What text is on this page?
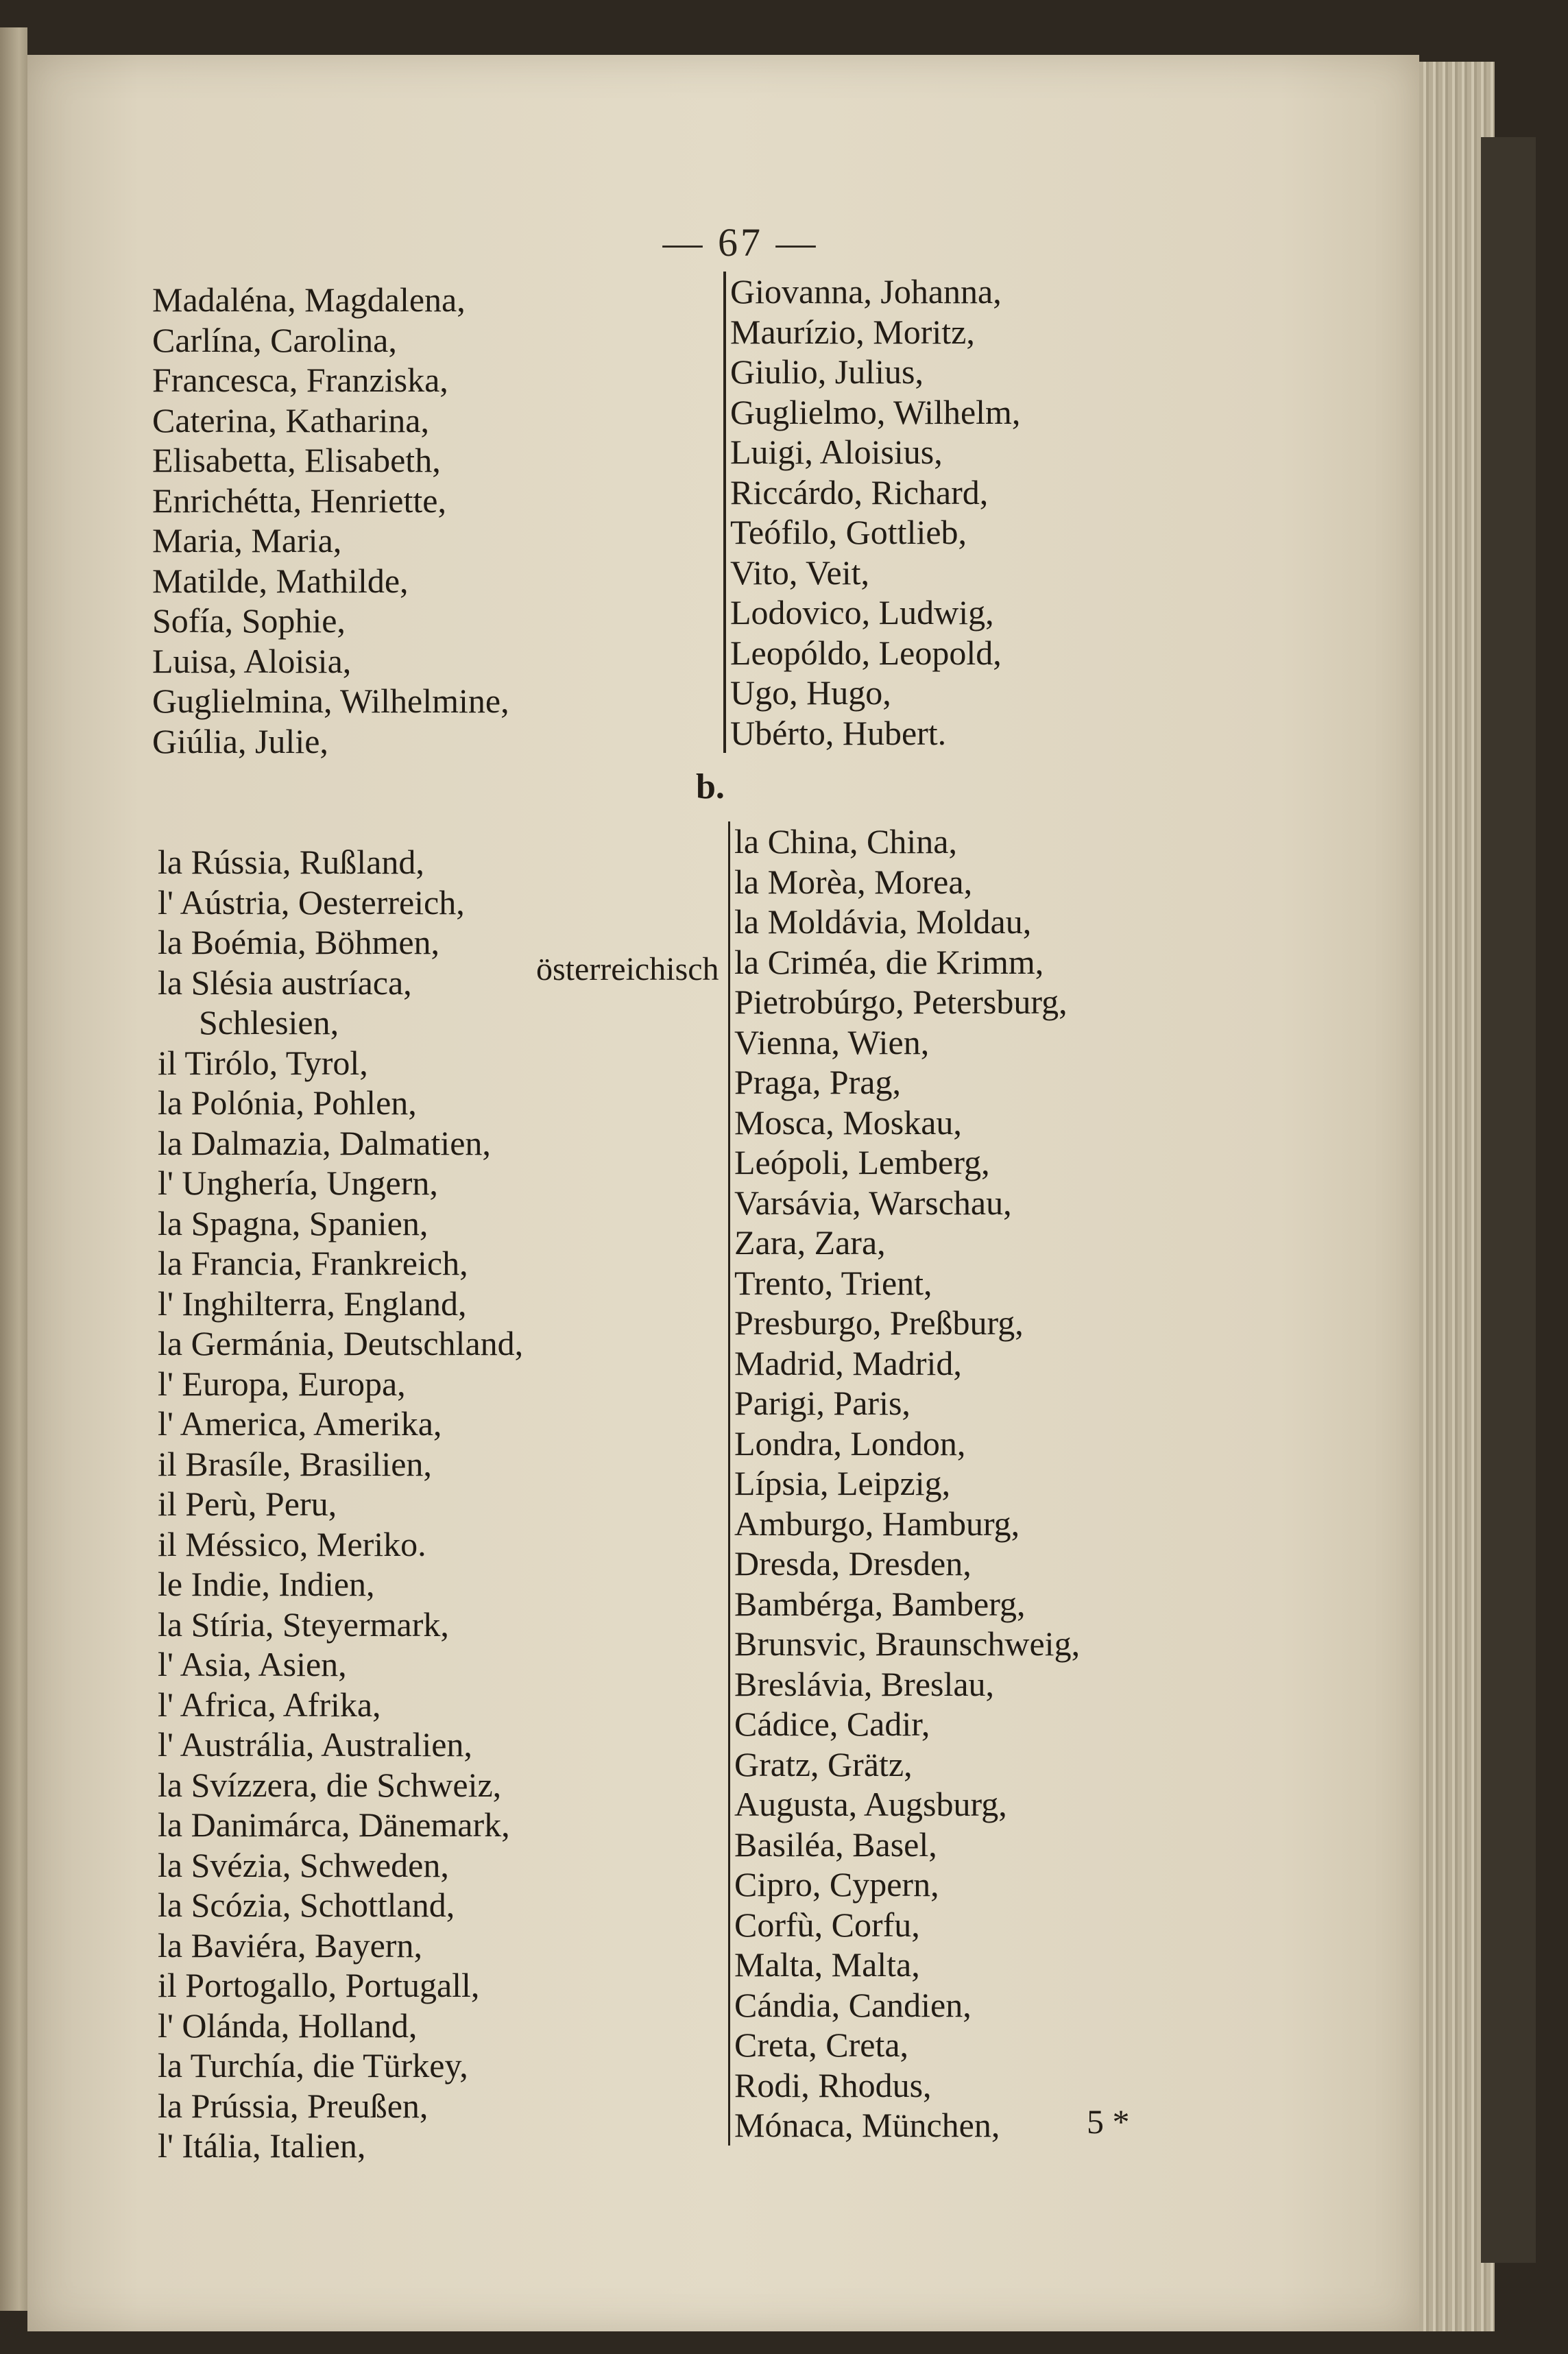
— 67 —
Madaléna, Magdalena,
Carlína, Carolina,
Francesca, Franziska,
Caterina, Katharina,
Elisabetta, Elisabeth,
Enrichétta, Henriette,
Maria, Maria,
Matilde, Mathilde,
Sofía, Sophie,
Luisa, Aloisia,
Guglielmina, Wilhelmine,
Giúlia, Julie,
Giovanna, Johanna,
Maurízio, Moritz,
Giulio, Julius,
Guglielmo, Wilhelm,
Luigi, Aloisius,
Riccárdo, Richard,
Teófilo, Gottlieb,
Vito, Veit,
Lodovico, Ludwig,
Leopóldo, Leopold,
Ugo, Hugo,
Ubérto, Hubert.
b.
la Rússia, Rußland,
l' Aústria, Oesterreich,
la Boémia, Böhmen,
la Slésia austríaca,
Schlesien,
il Tirólo, Tyrol,
la Polónia, Pohlen,
la Dalmazia, Dalmatien,
l' Unghería, Ungern,
la Spagna, Spanien,
la Francia, Frankreich,
l' Inghilterra, England,
la Germánia, Deutschland,
l' Europa, Europa,
l' America, Amerika,
il Brasíle, Brasilien,
il Perù, Peru,
il Méssico, Meriko.
le Indie, Indien,
la Stíria, Steyermark,
l' Asia, Asien,
l' Africa, Afrika,
l' Austrália, Australien,
la Svízzera, die Schweiz,
la Danimárca, Dänemark,
la Svézia, Schweden,
la Scózia, Schottland,
la Baviéra, Bayern,
il Portogallo, Portugall,
l' Olánda, Holland,
la Turchía, die Türkey,
la Prússia, Preußen,
l' Itália, Italien,
österreichisch
la China, China,
la Morèa, Morea,
la Moldávia, Moldau,
la Criméa, die Krimm,
Pietrobúrgo, Petersburg,
Vienna, Wien,
Praga, Prag,
Mosca, Moskau,
Leópoli, Lemberg,
Varsávia, Warschau,
Zara, Zara,
Trento, Trient,
Presburgo, Preßburg,
Madrid, Madrid,
Parigi, Paris,
Londra, London,
Lípsia, Leipzig,
Amburgo, Hamburg,
Dresda, Dresden,
Bambérga, Bamberg,
Brunsvic, Braunschweig,
Breslávia, Breslau,
Cádice, Cadir,
Gratz, Grätz,
Augusta, Augsburg,
Basiléa, Basel,
Cipro, Cypern,
Corfù, Corfu,
Malta, Malta,
Cándia, Candien,
Creta, Creta,
Rodi, Rhodus,
Mónaca, München,	5 *
